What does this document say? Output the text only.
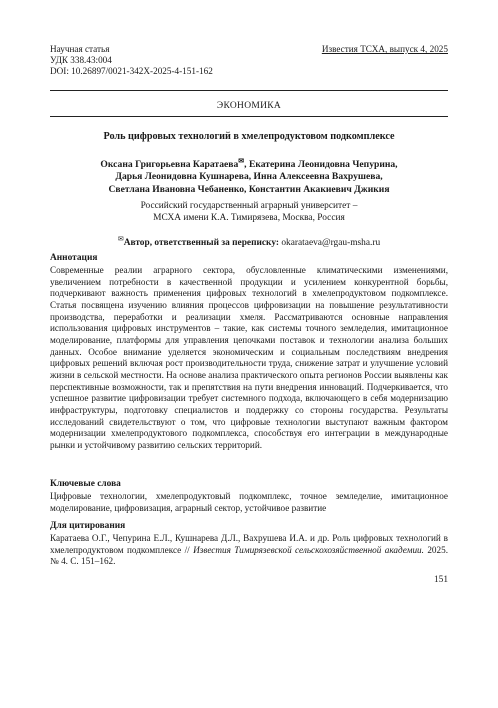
Научная статья
УДК 338.43:004
DOI: 10.26897/0021-342X-2025-4-151-162
Известия ТСХА, выпуск 4, 2025
ЭКОНОМИКА
Роль цифровых технологий в хмелепродуктовом подкомплексе
Оксана Григорьевна Каратаева✉, Екатерина Леонидовна Чепурина,
Дарья Леонидовна Кушнарева, Инна Алексеевна Вахрушева,
Светлана Ивановна Чебаненко, Константин Акакиевич Джикия
Российский государственный аграрный университет –
МСХА имени К.А. Тимирязева, Москва, Россия
✉Автор, ответственный за переписку: okarataeva@rgau-msha.ru
Аннотация
Современные реалии аграрного сектора, обусловленные климатическими изменениями, увеличением потребности в качественной продукции и усилением конкурентной борьбы, подчеркивают важность применения цифровых технологий в хмелепродуктовом подкомплексе. Статья посвящена изучению влияния процессов цифровизации на повышение результативности производства, переработки и реализации хмеля. Рассматриваются основные направления использования цифровых инструментов – такие, как системы точного земледелия, имитационное моделирование, платформы для управления цепочками поставок и технологии анализа больших данных. Особое внимание уделяется экономическим и социальным последствиям внедрения цифровых решений включая рост производительности труда, снижение затрат и улучшение условий жизни в сельской местности. На основе анализа практического опыта регионов России выявлены как перспективные возможности, так и препятствия на пути внедрения инноваций. Подчеркивается, что успешное развитие цифровизации требует системного подхода, включающего в себя модернизацию инфраструктуры, подготовку специалистов и поддержку со стороны государства. Результаты исследований свидетельствуют о том, что цифровые технологии выступают важным фактором модернизации хмелепродуктового подкомплекса, способствуя его интеграции в международные рынки и устойчивому развитию сельских территорий.
Ключевые слова
Цифровые технологии, хмелепродуктовый подкомплекс, точное земледелие, имитационное моделирование, цифровизация, аграрный сектор, устойчивое развитие
Для цитирования
Каратаева О.Г., Чепурина Е.Л., Кушнарева Д.Л., Вахрушева И.А. и др. Роль цифровых технологий в хмелепродуктовом подкомплексе // Известия Тимирязевской сельскохозяйственной академии. 2025. № 4. С. 151–162.
151
